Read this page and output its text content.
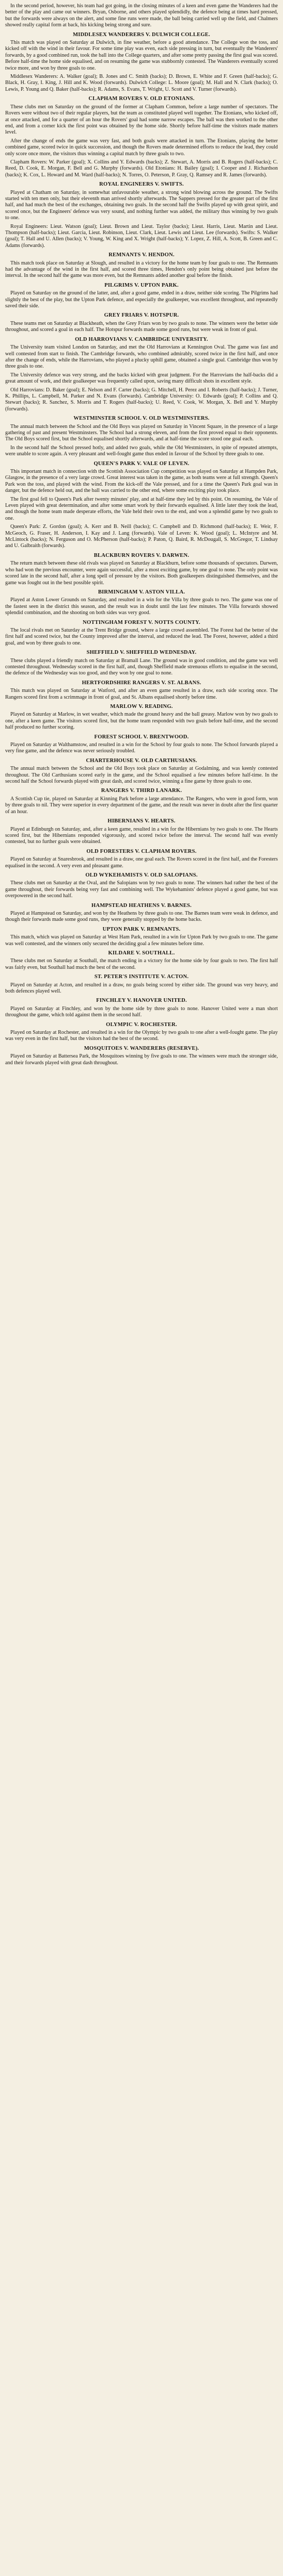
In the second period, however, his team had got going, in the closing minutes of a keen and even game the Wanderers had the better of the play and came out winners. Bryan, Osborne, and others played splendidly, the defence being at times hard pressed, but the forwards were always on the alert, and some fine runs were made, the ball being carried well up the field, and Chalmers showed really capital form at back, his kicking being strong and sure.

MIDDLESEX WANDERERS V. DULWICH COLLEGE.

This match was played on Saturday at Dulwich, in fine weather, before a good attendance. The College won the toss, and kicked off with the wind in their favour. For some time play was even, each side pressing in turn, but eventually the Wanderers' forwards, by a good combined run, took the ball into the College quarters, and after some pretty passing the first goal was scored. Before half-time the home side equalised, and on resuming the game was stubbornly contested. The Wanderers eventually scored twice more, and won by three goals to one.

Middlesex Wanderers: A. Walker (goal); B. Jones and C. Smith (backs); D. Brown, E. White and F. Green (half-backs); G. Black, H. Gray, I. King, J. Hill and K. Wood (forwards). Dulwich College: L. Moore (goal); M. Hall and N. Clark (backs); O. Lewis, P. Young and Q. Baker (half-backs); R. Adams, S. Evans, T. Wright, U. Scott and V. Turner (forwards).

CLAPHAM ROVERS V. OLD ETONIANS.

These clubs met on Saturday on the ground of the former at Clapham Common, before a large number of spectators. The Rovers were without two of their regular players, but the team as constituted played well together. The Etonians, who kicked off, at once attacked, and for a quarter of an hour the Rovers' goal had some narrow escapes. The ball was then worked to the other end, and from a corner kick the first point was obtained by the home side. Shortly before half-time the visitors made matters level.

After the change of ends the game was very fast, and both goals were attacked in turn. The Etonians, playing the better combined game, scored twice in quick succession, and though the Rovers made determined efforts to reduce the lead, they could only score once more, the visitors thus winning a capital match by three goals to two.

Clapham Rovers: W. Parker (goal); X. Collins and Y. Edwards (backs); Z. Stewart, A. Morris and B. Rogers (half-backs); C. Reed, D. Cook, E. Morgan, F. Bell and G. Murphy (forwards). Old Etonians: H. Bailey (goal); I. Cooper and J. Richardson (backs); K. Cox, L. Howard and M. Ward (half-backs); N. Torres, O. Peterson, P. Gray, Q. Ramsey and R. James (forwards).

ROYAL ENGINEERS V. SWIFTS.

Played at Chatham on Saturday, in somewhat unfavourable weather, a strong wind blowing across the ground. The Swifts started with ten men only, but their eleventh man arrived shortly afterwards. The Sappers pressed for the greater part of the first half, and had much the best of the exchanges, obtaining two goals. In the second half the Swifts played up with great spirit, and scored once, but the Engineers' defence was very sound, and nothing further was added, the military thus winning by two goals to one.

Royal Engineers: Lieut. Watson (goal); Lieut. Brown and Lieut. Taylor (backs); Lieut. Harris, Lieut. Martin and Lieut. Thompson (half-backs); Lieut. Garcia, Lieut. Robinson, Lieut. Clark, Lieut. Lewis and Lieut. Lee (forwards). Swifts: S. Walker (goal); T. Hall and U. Allen (backs); V. Young, W. King and X. Wright (half-backs); Y. Lopez, Z. Hill, A. Scott, B. Green and C. Adams (forwards).

REMNANTS V. HENDON.

This match took place on Saturday at Slough, and resulted in a victory for the home team by four goals to one. The Remnants had the advantage of the wind in the first half, and scored three times, Hendon's only point being obtained just before the interval. In the second half the game was more even, but the Remnants added another goal before the finish.

PILGRIMS V. UPTON PARK.

Played on Saturday on the ground of the latter, and, after a good game, ended in a draw, neither side scoring. The Pilgrims had slightly the best of the play, but the Upton Park defence, and especially the goalkeeper, was excellent throughout, and repeatedly saved their side.

GREY FRIARS V. HOTSPUR.

These teams met on Saturday at Blackheath, when the Grey Friars won by two goals to none. The winners were the better side throughout, and scored a goal in each half. The Hotspur forwards made some good runs, but were weak in front of goal.

OLD HARROVIANS V. CAMBRIDGE UNIVERSITY.

The University team visited London on Saturday, and met the Old Harrovians at Kennington Oval. The game was fast and well contested from start to finish. The Cambridge forwards, who combined admirably, scored twice in the first half, and once after the change of ends, while the Harrovians, who played a plucky uphill game, obtained a single goal. Cambridge thus won by three goals to one.

The University defence was very strong, and the backs kicked with great judgment. For the Harrovians the half-backs did a great amount of work, and their goalkeeper was frequently called upon, saving many difficult shots in excellent style.

Old Harrovians: D. Baker (goal); E. Nelson and F. Carter (backs); G. Mitchell, H. Perez and I. Roberts (half-backs); J. Turner, K. Phillips, L. Campbell, M. Parker and N. Evans (forwards). Cambridge University: O. Edwards (goal); P. Collins and Q. Stewart (backs); R. Sanchez, S. Morris and T. Rogers (half-backs); U. Reed, V. Cook, W. Morgan, X. Bell and Y. Murphy (forwards).

WESTMINSTER SCHOOL V. OLD WESTMINSTERS.

The annual match between the School and the Old Boys was played on Saturday in Vincent Square, in the presence of a large gathering of past and present Westminsters. The School had a strong eleven, and from the first proved equal to their opponents. The Old Boys scored first, but the School equalised shortly afterwards, and at half-time the score stood one goal each.

In the second half the School pressed hotly, and added two goals, while the Old Westminsters, in spite of repeated attempts, were unable to score again. A very pleasant and well-fought game thus ended in favour of the School by three goals to one.

QUEEN'S PARK V. VALE OF LEVEN.

This important match in connection with the Scottish Association Cup competition was played on Saturday at Hampden Park, Glasgow, in the presence of a very large crowd. Great interest was taken in the game, as both teams were at full strength. Queen's Park won the toss, and played with the wind. From the kick-off the Vale pressed, and for a time the Queen's Park goal was in danger, but the defence held out, and the ball was carried to the other end, where some exciting play took place.

The first goal fell to Queen's Park after twenty minutes' play, and at half-time they led by this point. On resuming, the Vale of Leven played with great determination, and after some smart work by their forwards equalised. A little later they took the lead, and though the home team made desperate efforts, the Vale held their own to the end, and won a splendid game by two goals to one.

Queen's Park: Z. Gordon (goal); A. Kerr and B. Neill (backs); C. Campbell and D. Richmond (half-backs); E. Weir, F. McGeoch, G. Fraser, H. Anderson, I. Kay and J. Lang (forwards). Vale of Leven: K. Wood (goal); L. McIntyre and M. McLintock (backs); N. Ferguson and O. McPherson (half-backs); P. Paton, Q. Baird, R. McDougall, S. McGregor, T. Lindsay and U. Galbraith (forwards).

BLACKBURN ROVERS V. DARWEN.

The return match between these old rivals was played on Saturday at Blackburn, before some thousands of spectators. Darwen, who had won the previous encounter, were again successful, after a most exciting game, by one goal to none. The only point was scored late in the second half, after a long spell of pressure by the visitors. Both goalkeepers distinguished themselves, and the game was fought out in the best possible spirit.

BIRMINGHAM V. ASTON VILLA.

Played at Aston Lower Grounds on Saturday, and resulted in a win for the Villa by three goals to two. The game was one of the fastest seen in the district this season, and the result was in doubt until the last few minutes. The Villa forwards showed splendid combination, and the shooting on both sides was very good.

NOTTINGHAM FOREST V. NOTTS COUNTY.

The local rivals met on Saturday at the Trent Bridge ground, where a large crowd assembled. The Forest had the better of the first half and scored twice, but the County improved after the interval, and reduced the lead. The Forest, however, added a third goal, and won by three goals to one.

SHEFFIELD V. SHEFFIELD WEDNESDAY.

These clubs played a friendly match on Saturday at Bramall Lane. The ground was in good condition, and the game was well contested throughout. Wednesday scored in the first half, and, though Sheffield made strenuous efforts to equalise in the second, the defence of the Wednesday was too good, and they won by one goal to none.

HERTFORDSHIRE RANGERS V. ST. ALBANS.

This match was played on Saturday at Watford, and after an even game resulted in a draw, each side scoring once. The Rangers scored first from a scrimmage in front of goal, and St. Albans equalised shortly before time.

MARLOW V. READING.

Played on Saturday at Marlow, in wet weather, which made the ground heavy and the ball greasy. Marlow won by two goals to one, after a keen game. The visitors scored first, but the home team responded with two goals before half-time, and the second half produced no further scoring.

FOREST SCHOOL V. BRENTWOOD.

Played on Saturday at Walthamstow, and resulted in a win for the School by four goals to none. The School forwards played a very fine game, and the defence was never seriously troubled.

CHARTERHOUSE V. OLD CARTHUSIANS.

The annual match between the School and the Old Boys took place on Saturday at Godalming, and was keenly contested throughout. The Old Carthusians scored early in the game, and the School equalised a few minutes before half-time. In the second half the School forwards played with great dash, and scored twice, winning a fine game by three goals to one.

RANGERS V. THIRD LANARK.

A Scottish Cup tie, played on Saturday at Kinning Park before a large attendance. The Rangers, who were in good form, won by three goals to nil. They were superior in every department of the game, and the result was never in doubt after the first quarter of an hour.

HIBERNIANS V. HEARTS.

Played at Edinburgh on Saturday, and, after a keen game, resulted in a win for the Hibernians by two goals to one. The Hearts scored first, but the Hibernians responded vigorously, and scored twice before the interval. The second half was evenly contested, but no further goals were obtained.

OLD FORESTERS V. CLAPHAM ROVERS.

Played on Saturday at Snaresbrook, and resulted in a draw, one goal each. The Rovers scored in the first half, and the Foresters equalised in the second. A very even and pleasant game.

OLD WYKEHAMISTS V. OLD SALOPIANS.

These clubs met on Saturday at the Oval, and the Salopians won by two goals to none. The winners had rather the best of the game throughout, their forwards being very fast and combining well. The Wykehamists' defence played a good game, but was overpowered in the second half.

HAMPSTEAD HEATHENS V. BARNES.

Played at Hampstead on Saturday, and won by the Heathens by three goals to one. The Barnes team were weak in defence, and though their forwards made some good runs, they were generally stopped by the home backs.

UPTON PARK V. REMNANTS.

This match, which was played on Saturday at West Ham Park, resulted in a win for Upton Park by two goals to one. The game was well contested, and the winners only secured the deciding goal a few minutes before time.

KILDARE V. SOUTHALL.

These clubs met on Saturday at Southall, the match ending in a victory for the home side by four goals to two. The first half was fairly even, but Southall had much the best of the second.

ST. PETER'S INSTITUTE V. ACTON.

Played on Saturday at Acton, and resulted in a draw, no goals being scored by either side. The ground was very heavy, and both defences played well.

FINCHLEY V. HANOVER UNITED.

Played on Saturday at Finchley, and won by the home side by three goals to none. Hanover United were a man short throughout the game, which told against them in the second half.

OLYMPIC V. ROCHESTER.

Played on Saturday at Rochester, and resulted in a win for the Olympic by two goals to one after a well-fought game. The play was very even in the first half, but the visitors had the best of the second.

MOSQUITOES V. WANDERERS (RESERVE).

Played on Saturday at Battersea Park, the Mosquitoes winning by five goals to one. The winners were much the stronger side, and their forwards played with great dash throughout.
